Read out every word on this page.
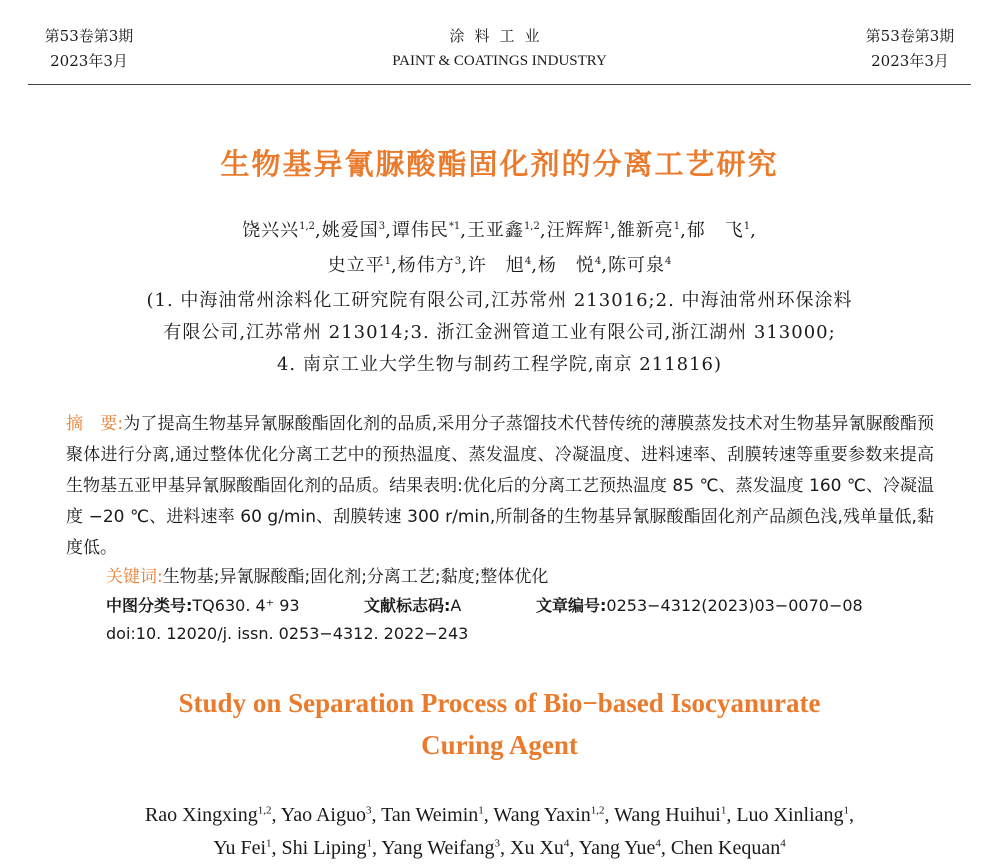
第53卷第3期
2023年3月
涂料工业
PAINT & COATINGS INDUSTRY
第53卷第3期
2023年3月
生物基异氰脲酸酯固化剂的分离工艺研究
饶兴兴$^{1,2}$,姚爱国$^3$,谭伟民$^{*1}$,王亚鑫$^{1,2}$,汪辉辉$^1$,雒新亮$^1$,郁　飞$^1$,
史立平$^1$,杨伟方$^3$,许　旭$^4$,杨　悦$^4$,陈可泉$^4$
(1. 中海油常州涂料化工研究院有限公司,江苏常州 213016;2. 中海油常州环保涂料
有限公司,江苏常州 213014;3. 浙江金洲管道工业有限公司,浙江湖州 313000;
4. 南京工业大学生物与制药工程学院,南京 211816)
摘　要:为了提高生物基异氰脲酸酯固化剂的品质,采用分子蒸馏技术代替传统的薄膜蒸发技术对生物基异氰脲酸酯预聚体进行分离,通过整体优化分离工艺中的预热温度、蒸发温度、冷凝温度、进料速率、刮膜转速等重要参数来提高生物基五亚甲基异氰脲酸酯固化剂的品质。结果表明:优化后的分离工艺预热温度 85 ℃、蒸发温度 160 ℃、冷凝温度 −20 ℃、进料速率 60 g/min、刮膜转速 300 r/min,所制备的生物基异氰脲酸酯固化剂产品颜色浅,残单量低,黏度低。
关键词:生物基;异氰脲酸酯;固化剂;分离工艺;黏度;整体优化
中图分类号:TQ630. 4⁺ 93	文献标志码:A	文章编号:0253−4312(2023)03−0070−08
doi:10. 12020/j. issn. 0253−4312. 2022−243
Study on Separation Process of Bio−based Isocyanurate
Curing Agent
Rao Xingxing$^{1,2}$, Yao Aiguo$^3$, Tan Weimin$^1$, Wang Yaxin$^{1,2}$, Wang Huihui$^1$, Luo Xinliang$^1$,
Yu Fei$^1$, Shi Liping$^1$, Yang Weifang$^3$, Xu Xu$^4$, Yang Yue$^4$, Chen Kequan$^4$
